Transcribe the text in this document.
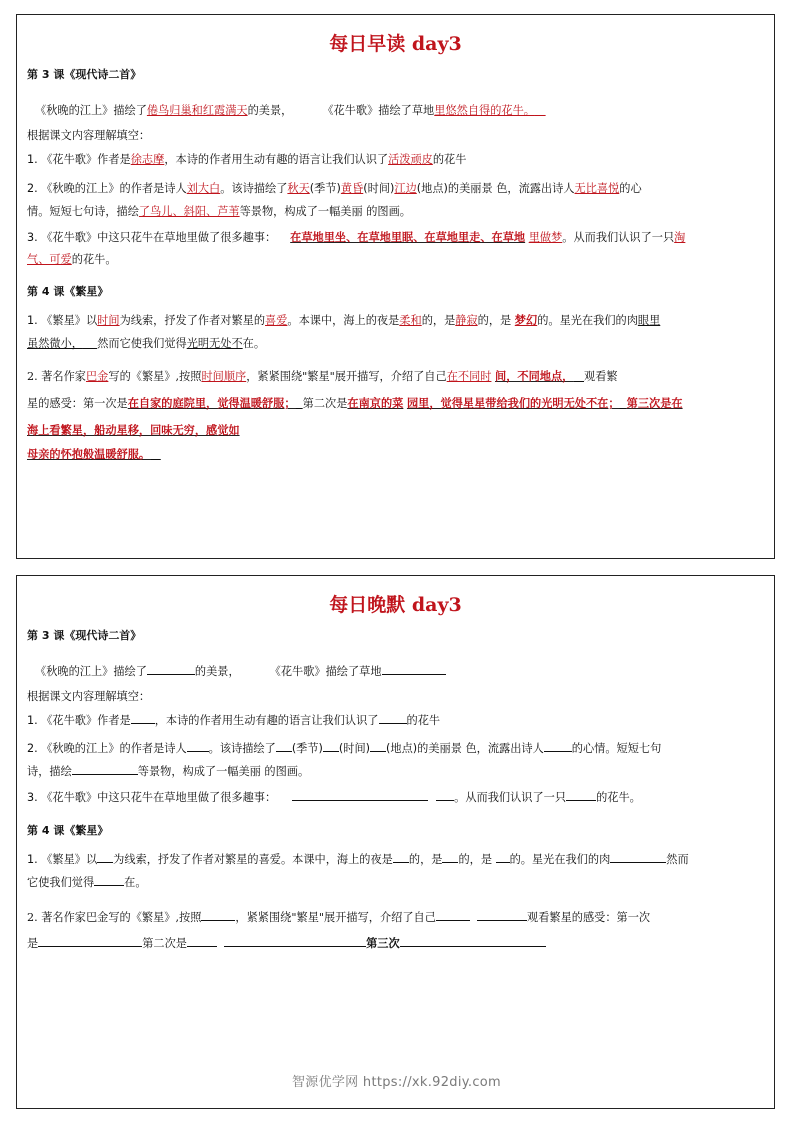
每日早读 day3
第 3 课《现代诗二首》
《秋晚的江上》描绘了倦鸟归巢和红霞满天的美景，	《花牛歌》描绘了草地里悠然自得的花牛。
根据课文内容理解填空：
1. 《花牛歌》作者是徐志摩，本诗的作者用生动有趣的语言让我们认识了活泼顽皮的花牛
2. 《秋晚的江上》的作者是诗人刘大白。该诗描绘了秋天(季节)黄昏(时间)江边(地点)的美丽景 色，流露出诗人无比喜悦的心
情。短短七句诗，描绘了鸟儿、斜阳、芦苇等景物，构成了一幅美丽 的图画。
3. 《花牛歌》中这只花牛在草地里做了很多趣事： 在草地里坐、在草地里眠、在草地里走、在草地 里做梦。从而我们认识了一只淘
气、可爱的花牛。
第 4 课《繁星》
1. 《繁星》以时间为线索，抒发了作者对繁星的喜爱。本课中，海上的夜是柔和的，是静寂的，是 梦幻的。星光在我们的肉眼里
虽然微小， 然而它使我们觉得光明无处不在。
2. 著名作家巴金写的《繁星》,按照时间顺序，紧紧围绕"繁星"展开描写，介绍了自己在不同时 间，不同地点， 观看繁
星的感受：第一次是在自家的庭院里，觉得温暖舒服； 第二次是在南京的菜 园里，觉得星星带给我们的光明无处不在； 第三次是在
海上看繁星，船动星移，回味无穷，感觉如
母亲的怀抱般温暖舒服。
每日晚默 day3
第 3 课《现代诗二首》
《秋晚的江上》描绘了	的美景，	《花牛歌》描绘了草地
根据课文内容理解填空：
1. 《花牛歌》作者是 ，本诗的作者用生动有趣的语言让我们认识了	的花牛
2. 《秋晚的江上》的作者是诗人 。该诗描绘了 (季节) (时间) (地点)的美丽景 色，流露出诗人	的心情。短短七句
诗，描绘	等景物，构成了一幅美丽 的图画。
3. 《花牛歌》中这只花牛在草地里做了很多趣事：	。从而我们认识了一只	的花牛。
第 4 课《繁星》
1. 《繁星》以 为线索，抒发了作者对繁星的喜爱。本课中，海上的夜是 的，是 的，是 的。星光在我们的肉	然而
它使我们觉得	在。
2. 著名作家巴金写的《繁星》,按照	，紧紧围绕"繁星"展开描写，介绍了自己	观看繁星的感受：第一次
是	第二次是	第三次
智源优学网 https://xk.92diy.com
